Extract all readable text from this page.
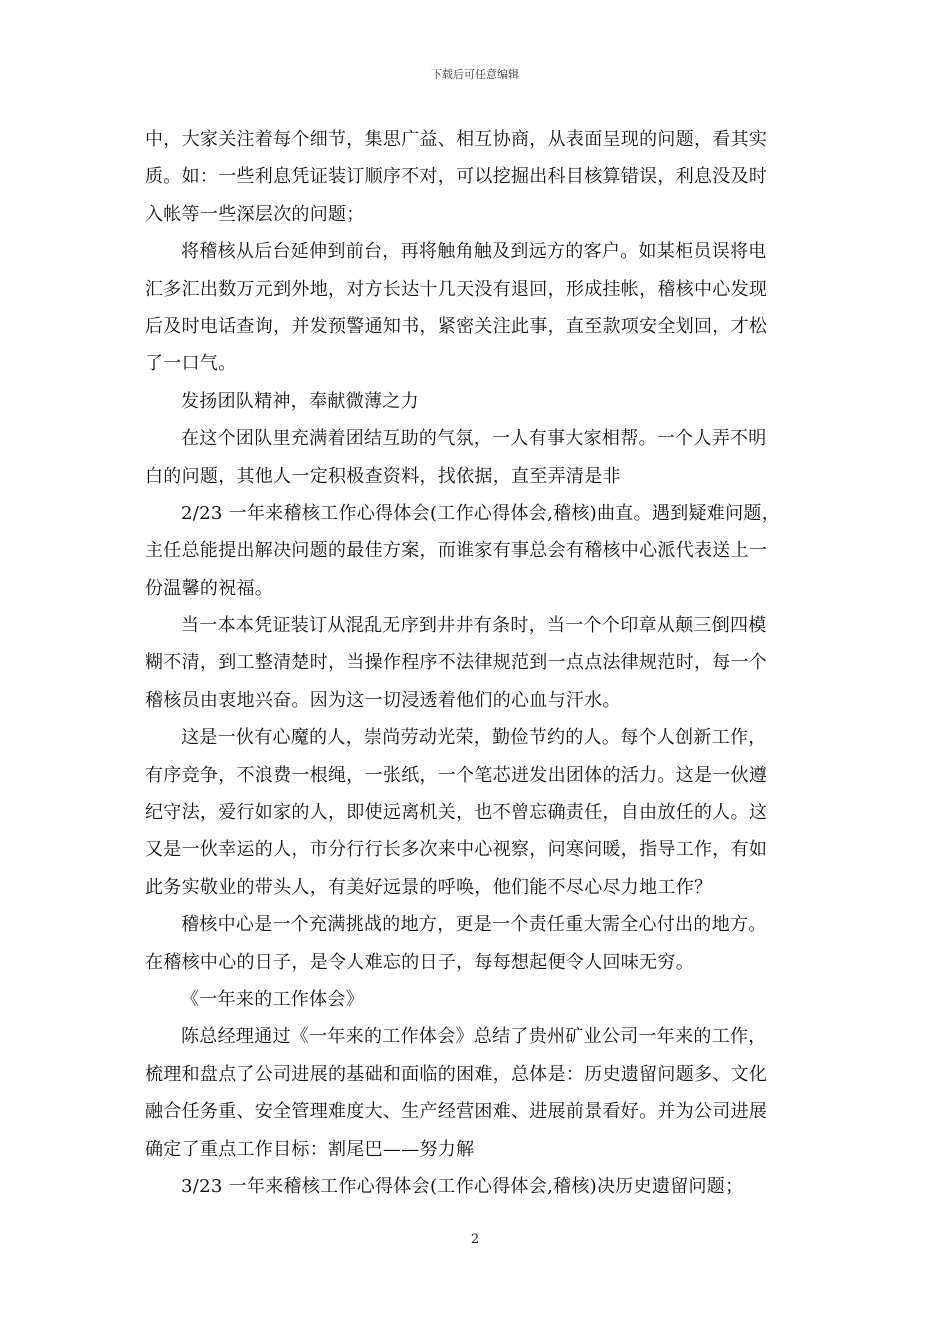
下载后可任意编辑
中，大家关注着每个细节，集思广益、相互协商，从表面呈现的问题，看其实
质。如：一些利息凭证装订顺序不对，可以挖掘出科目核算错误，利息没及时
入帐等一些深层次的问题；
将稽核从后台延伸到前台，再将触角触及到远方的客户。如某柜员误将电
汇多汇出数万元到外地，对方长达十几天没有退回，形成挂帐，稽核中心发现
后及时电话查询，并发预警通知书，紧密关注此事，直至款项安全划回，才松
了一口气。
发扬团队精神，奉献微薄之力
在这个团队里充满着团结互助的气氛，一人有事大家相帮。一个人弄不明
白的问题，其他人一定积极查资料，找依据，直至弄清是非
2/23 一年来稽核工作心得体会(工作心得体会,稽核)曲直。遇到疑难问题，
主任总能提出解决问题的最佳方案，而谁家有事总会有稽核中心派代表送上一
份温馨的祝福。
当一本本凭证装订从混乱无序到井井有条时，当一个个印章从颠三倒四模
糊不清，到工整清楚时，当操作程序不法律规范到一点点法律规范时，每一个
稽核员由衷地兴奋。因为这一切浸透着他们的心血与汗水。
这是一伙有心魔的人，崇尚劳动光荣，勤俭节约的人。每个人创新工作，
有序竞争，不浪费一根绳，一张纸，一个笔芯迸发出团体的活力。这是一伙遵
纪守法，爱行如家的人，即使远离机关，也不曾忘确责任，自由放任的人。这
又是一伙幸运的人，市分行行长多次来中心视察，问寒问暖，指导工作，有如
此务实敬业的带头人，有美好远景的呼唤，他们能不尽心尽力地工作？
稽核中心是一个充满挑战的地方，更是一个责任重大需全心付出的地方。
在稽核中心的日子，是令人难忘的日子，每每想起便令人回味无穷。
《一年来的工作体会》
陈总经理通过《一年来的工作体会》总结了贵州矿业公司一年来的工作，
梳理和盘点了公司进展的基础和面临的困难，总体是：历史遗留问题多、文化
融合任务重、安全管理难度大、生产经营困难、进展前景看好。并为公司进展
确定了重点工作目标：割尾巴——努力解
3/23 一年来稽核工作心得体会(工作心得体会,稽核)决历史遗留问题；
2
